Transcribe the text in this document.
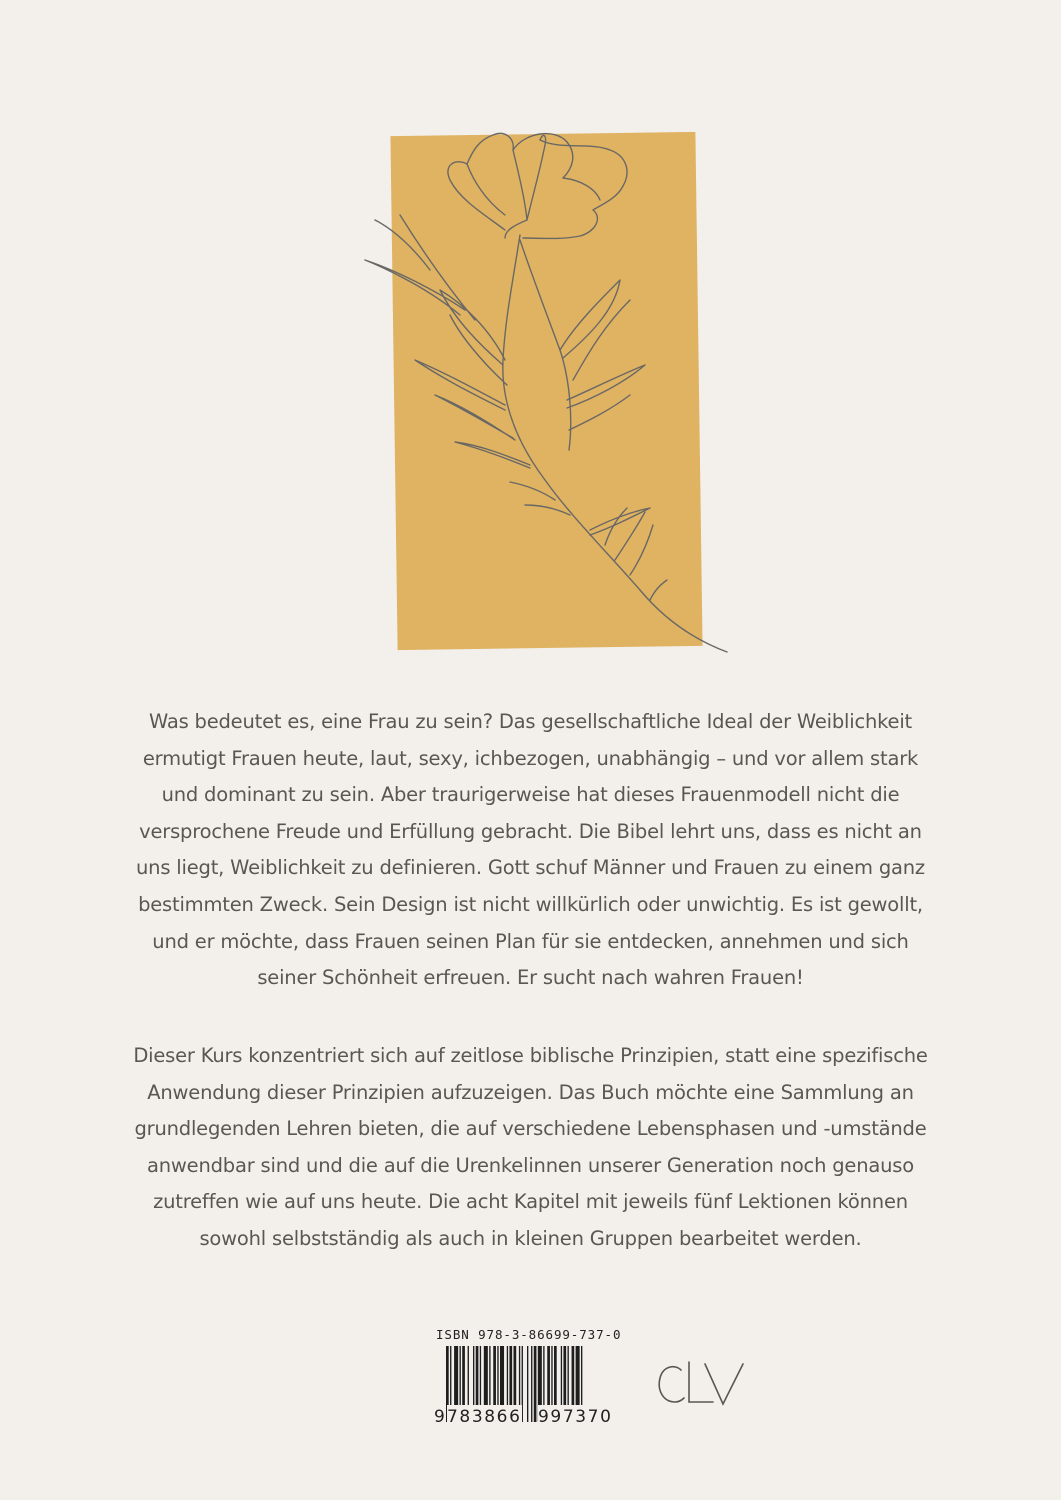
Was bedeutet es, eine Frau zu sein? Das gesellschaftliche Ideal der Weiblichkeit
ermutigt Frauen heute, laut, sexy, ichbezogen, unabhängig – und vor allem stark
und dominant zu sein. Aber traurigerweise hat dieses Frauenmodell nicht die
versprochene Freude und Erfüllung gebracht. Die Bibel lehrt uns, dass es nicht an
uns liegt, Weiblichkeit zu definieren. Gott schuf Männer und Frauen zu einem ganz
bestimmten Zweck. Sein Design ist nicht willkürlich oder unwichtig. Es ist gewollt,
und er möchte, dass Frauen seinen Plan für sie entdecken, annehmen und sich
seiner Schönheit erfreuen. Er sucht nach wahren Frauen!

Dieser Kurs konzentriert sich auf zeitlose biblische Prinzipien, statt eine spezifische
Anwendung dieser Prinzipien aufzuzeigen. Das Buch möchte eine Sammlung an
grundlegenden Lehren bieten, die auf verschiedene Lebensphasen und -umstände
anwendbar sind und die auf die Urenkelinnen unserer Generation noch genauso
zutreffen wie auf uns heute. Die acht Kapitel mit jeweils fünf Lektionen können
sowohl selbstständig als auch in kleinen Gruppen bearbeitet werden.

ISBN 978-3-86699-737-0
9 783866 997370
